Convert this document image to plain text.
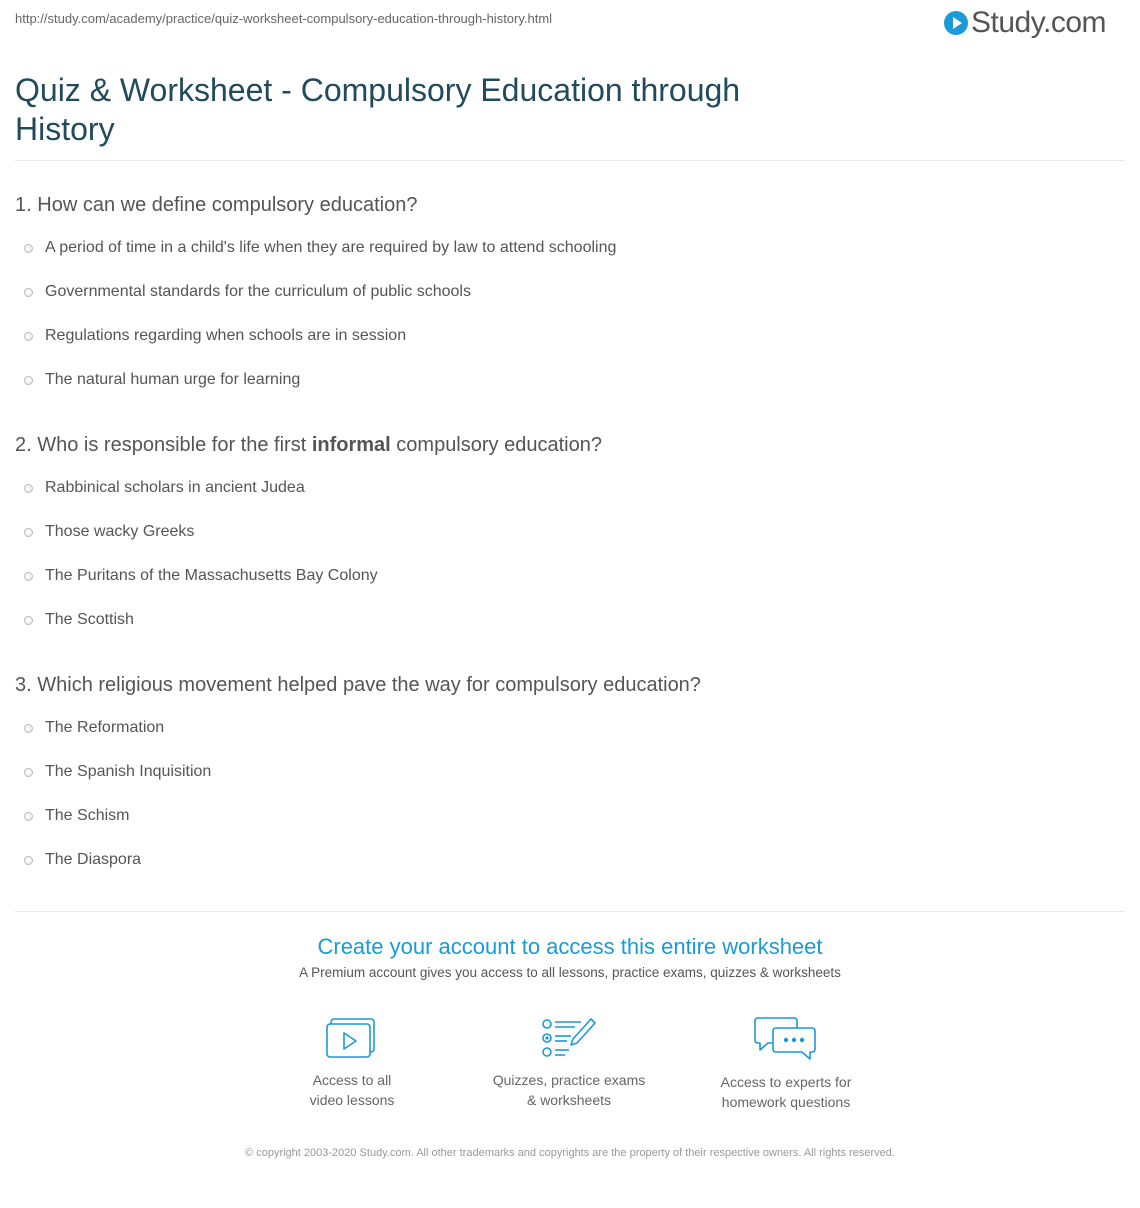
http://study.com/academy/practice/quiz-worksheet-compulsory-education-through-history.html	Study.com
Quiz & Worksheet - Compulsory Education through History
1. How can we define compulsory education?
A period of time in a child's life when they are required by law to attend schooling
Governmental standards for the curriculum of public schools
Regulations regarding when schools are in session
The natural human urge for learning
2. Who is responsible for the first informal compulsory education?
Rabbinical scholars in ancient Judea
Those wacky Greeks
The Puritans of the Massachusetts Bay Colony
The Scottish
3. Which religious movement helped pave the way for compulsory education?
The Reformation
The Spanish Inquisition
The Schism
The Diaspora
Create your account to access this entire worksheet
A Premium account gives you access to all lessons, practice exams, quizzes & worksheets
Access to all
video lessons
Quizzes, practice exams
& worksheets
Access to experts for
homework questions
© copyright 2003-2020 Study.com. All other trademarks and copyrights are the property of their respective owners. All rights reserved.
